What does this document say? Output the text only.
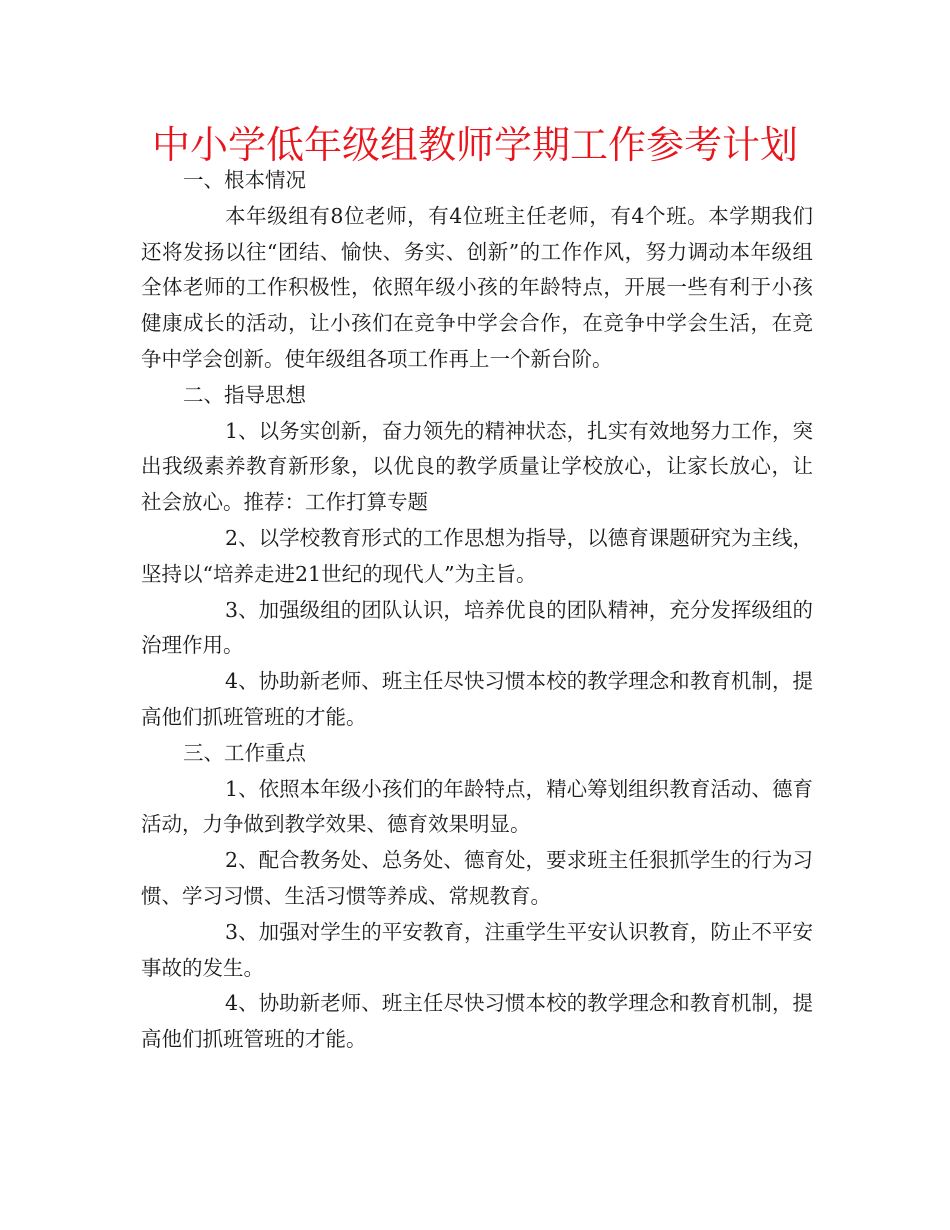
中小学低年级组教师学期工作参考计划

一、根本情况

本年级组有8位老师，有4位班主任老师，有4个班。本学期我们还将发扬以往“团结、愉快、务实、创新”的工作作风，努力调动本年级组全体老师的工作积极性，依照年级小孩的年龄特点，开展一些有利于小孩健康成长的活动，让小孩们在竞争中学会合作，在竞争中学会生活，在竞争中学会创新。使年级组各项工作再上一个新台阶。

二、指导思想

1、以务实创新，奋力领先的精神状态，扎实有效地努力工作，突出我级素养教育新形象，以优良的教学质量让学校放心，让家长放心，让社会放心。推荐：工作打算专题

2、以学校教育形式的工作思想为指导，以德育课题研究为主线，坚持以“培养走进21世纪的现代人”为主旨。

3、加强级组的团队认识，培养优良的团队精神，充分发挥级组的治理作用。

4、协助新老师、班主任尽快习惯本校的教学理念和教育机制，提高他们抓班管班的才能。

三、工作重点

1、依照本年级小孩们的年龄特点，精心筹划组织教育活动、德育活动，力争做到教学效果、德育效果明显。

2、配合教务处、总务处、德育处，要求班主任狠抓学生的行为习惯、学习习惯、生活习惯等养成、常规教育。

3、加强对学生的平安教育，注重学生平安认识教育，防止不平安事故的发生。

4、协助新老师、班主任尽快习惯本校的教学理念和教育机制，提高他们抓班管班的才能。
